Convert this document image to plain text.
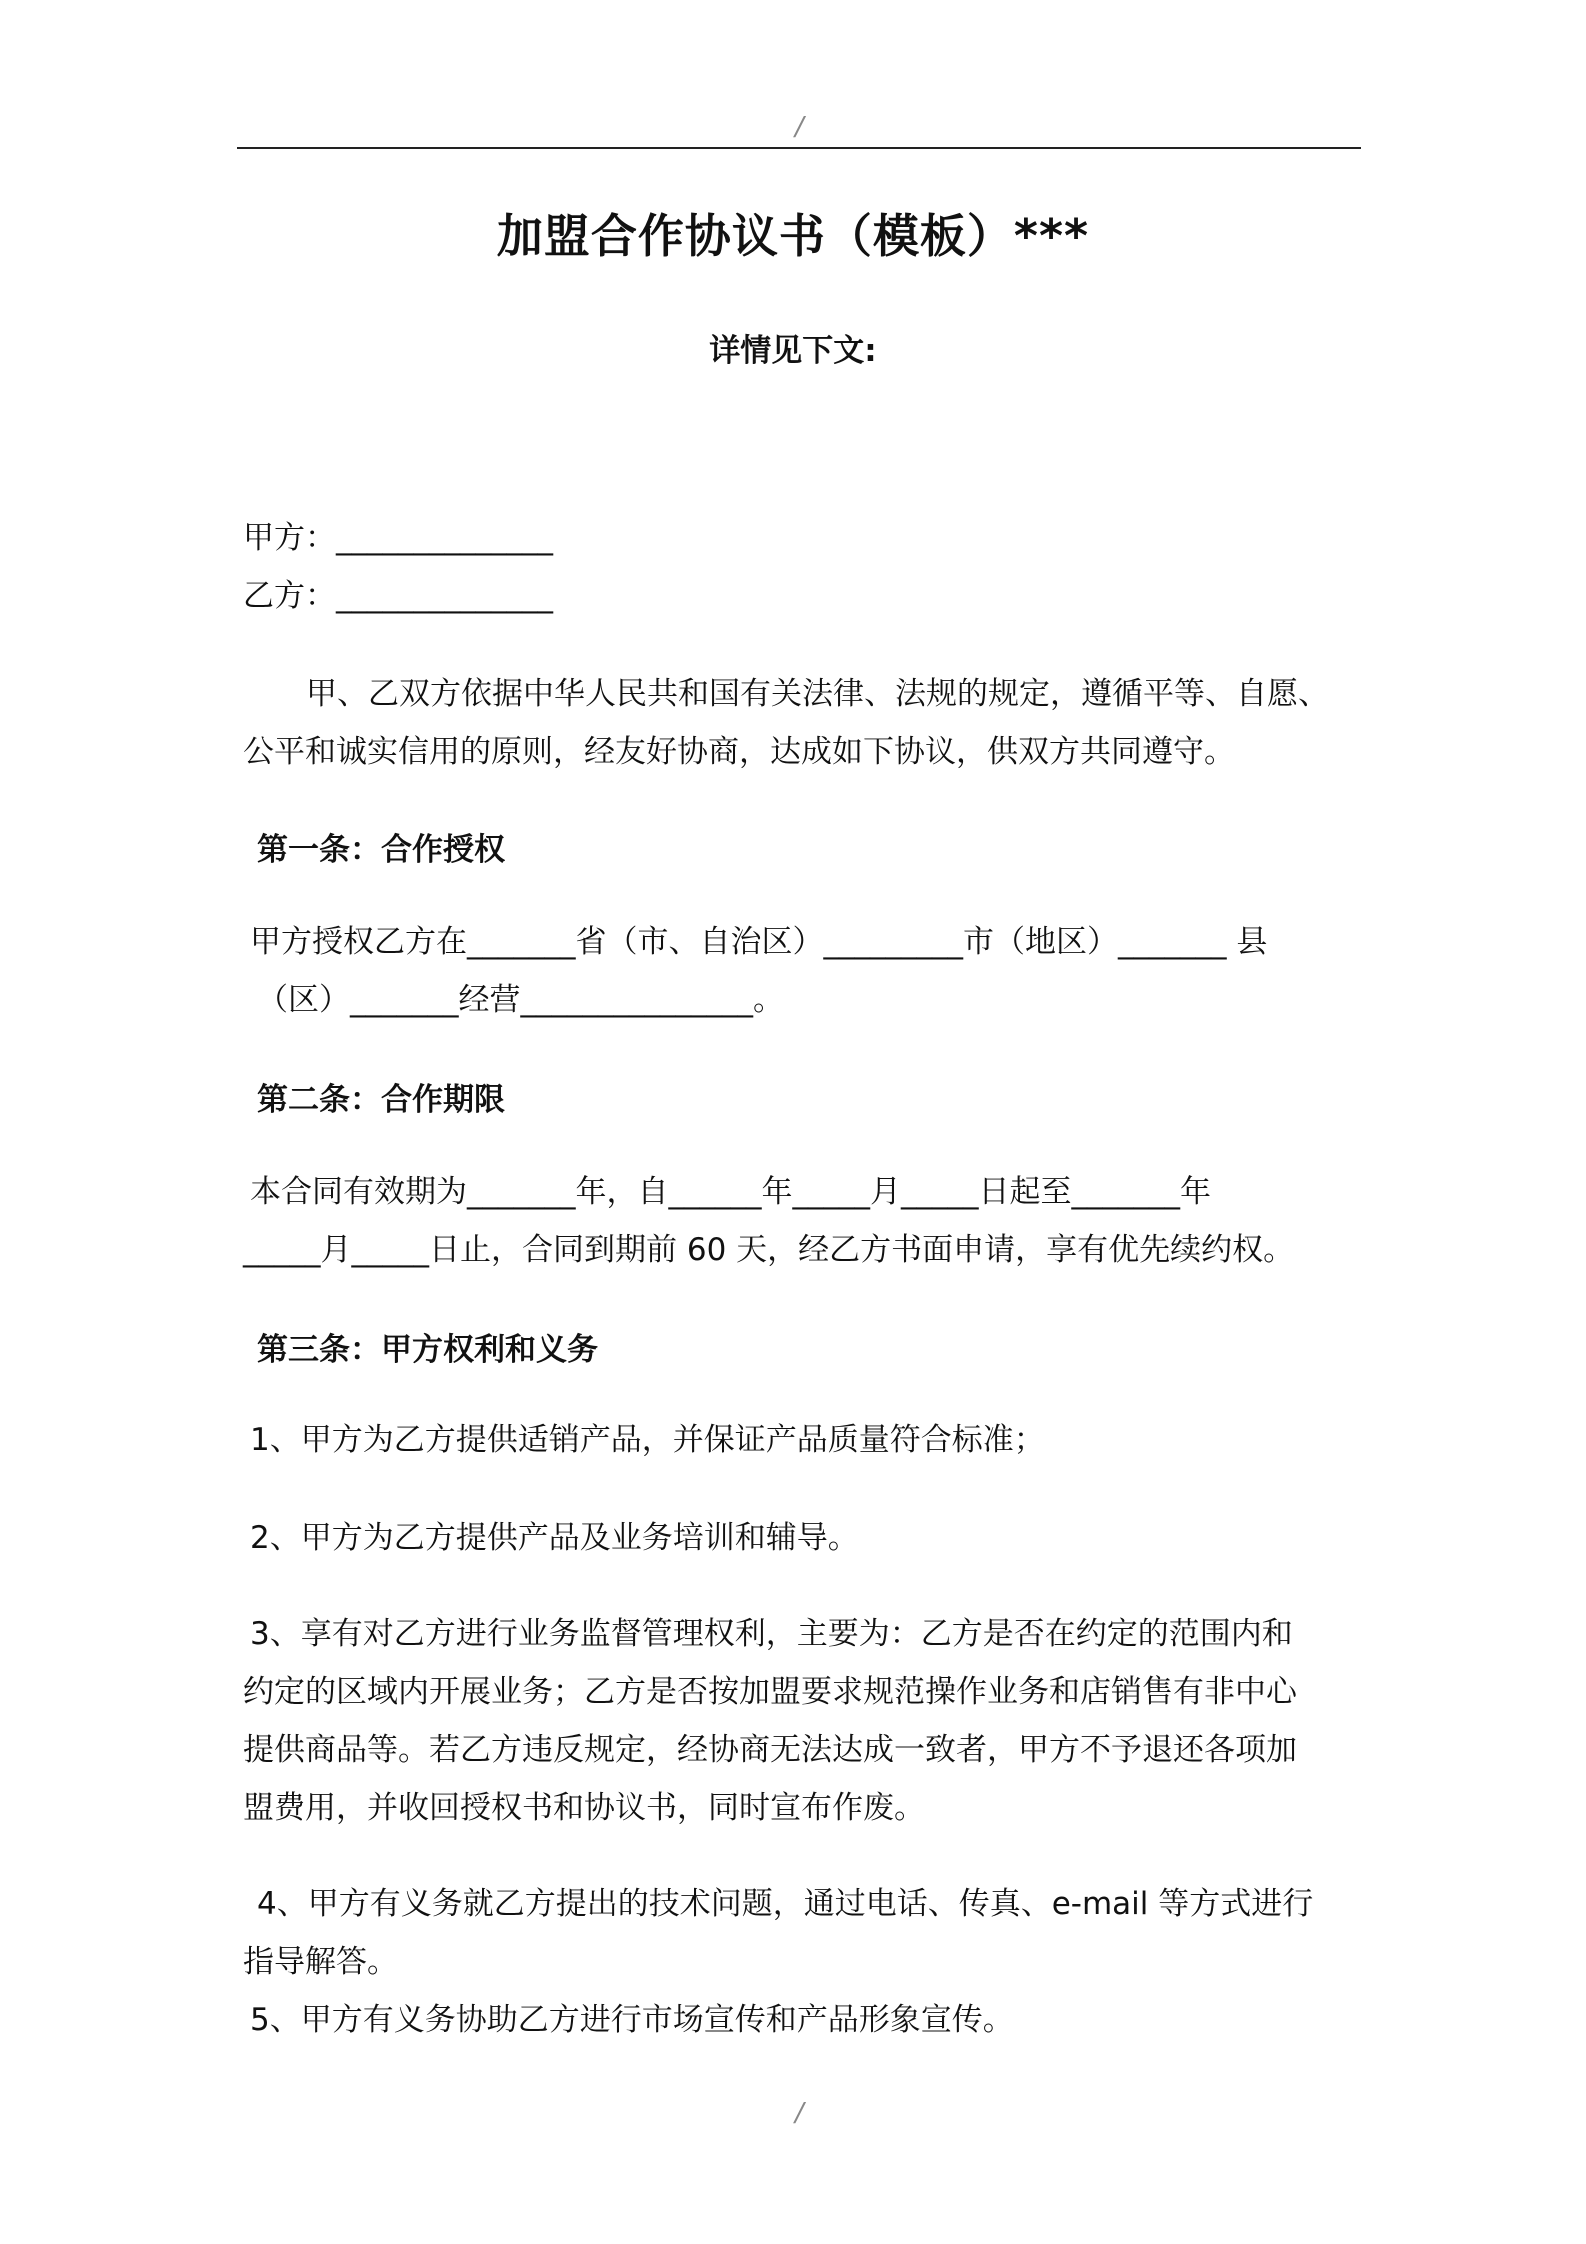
/
加盟合作协议书（模板）***
详情见下文:
甲方：______________
乙方：______________
甲、乙双方依据中华人民共和国有关法律、法规的规定，遵循平等、自愿、
公平和诚实信用的原则，经友好协商，达成如下协议，供双方共同遵守。
第一条：合作授权
甲方授权乙方在_______省（市、自治区）_________市（地区）_______ 县
（区）_______经营_______________。
第二条：合作期限
本合同有效期为_______年，自______年_____月_____日起至_______年
_____月_____日止，合同到期前 60 天，经乙方书面申请，享有优先续约权。
第三条：甲方权利和义务
1、甲方为乙方提供适销产品，并保证产品质量符合标准；
2、甲方为乙方提供产品及业务培训和辅导。
3、享有对乙方进行业务监督管理权利，主要为：乙方是否在约定的范围内和
约定的区域内开展业务；乙方是否按加盟要求规范操作业务和店销售有非中心
提供商品等。若乙方违反规定，经协商无法达成一致者，甲方不予退还各项加
盟费用，并收回授权书和协议书，同时宣布作废。
4、甲方有义务就乙方提出的技术问题，通过电话、传真、e-mail 等方式进行
指导解答。
5、甲方有义务协助乙方进行市场宣传和产品形象宣传。
/
